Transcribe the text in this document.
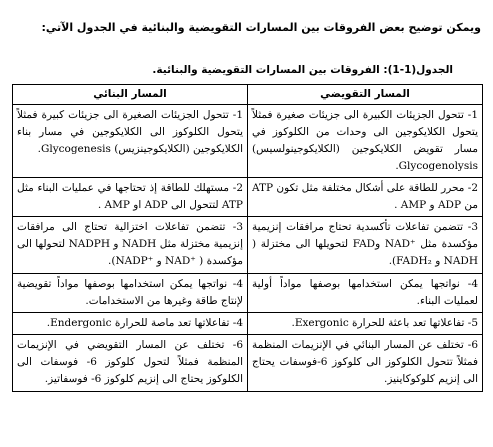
ويمكن توضيح بعض الفروقات بين المسارات التقويضية والبنائية في الجدول الآتي:
الجدول(1-1): الفروقات بين المسارات التقويضية والبنائية.
المسار التقويضي	المسار البنائي
1- تتحول الجزيئات الكبيرة الى جزيئات صغيرة فمثلاً يتحول الكلايكوجين الى وحدات من الكلوكوز في مسار تقويض الكلايكوجين (الكلايكوجينولسيس) Glycogenolysis.	1- تتحول الجزيئات الصغيرة الى جزيئات كبيرة فمثلاً يتحول الكلوكوز الى الكلايكوجين في مسار بناء الكلايكوجين (الكلايكوجينزيس) Glycogenesis.
2- محرر للطاقة على أشكال مختلفة مثل تكون ATP من ADP و AMP .	2- مستهلك للطاقة إذ تحتاجها في عمليات البناء مثل ATP لتتحول الى ADP او AMP .
3- تتضمن تفاعلات تأكسدية تحتاج مرافقات إنزيمية مؤكسدة مثل ⁺NAD وFAD لتحويلها الى مختزلة ( NADH و FADH₂).	3- تتضمن تفاعلات اختزالية تحتاج الى مرافقات إنزيمية مختزلة مثل NADH و NADPH لتحولها الى مؤكسدة ( ⁺NAD و ⁺NADP).
4- نواتجها يمكن استخدامها بوصفها مواداً أولية لعمليات البناء.	4- نواتجها يمكن استخدامها بوصفها مواداً تقويضية لإنتاج طاقة وغيرها من الاستخدامات.
5- تفاعلاتها تعد باعثة للحرارة Exergonic.	4- تفاعلاتها تعد ماصة للحرارة Endergonic.
6- تختلف عن المسار البنائي في الإنزيمات المنظمة فمثلاً تتحول الكلوكوز الى كلوكوز 6-فوسفات يحتاج الى إنزيم كلوكوكاينيز.	6- تختلف عن المسار التقويضي في الإنزيمات المنظمة فمثلاً لتحول كلوكوز 6- فوسفات الى الكلوكوز يحتاج الى إنزيم كلوكوز 6- فوسفاتيز.
